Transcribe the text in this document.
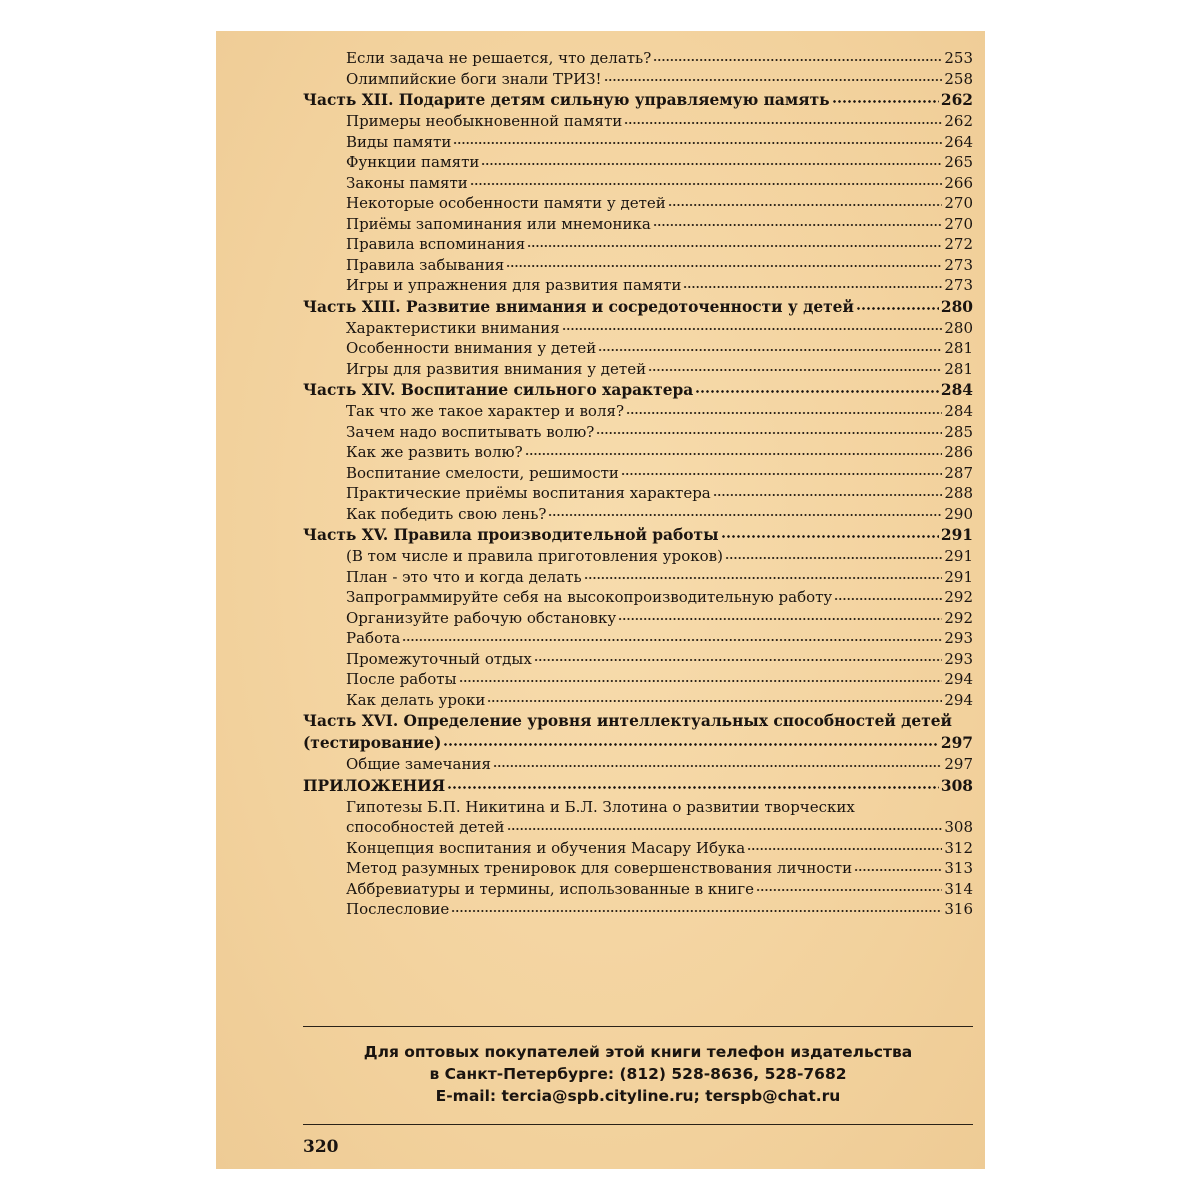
Если задача не решается, что делать?	253
Олимпийские боги знали ТРИЗ!	258
Часть XII. Подарите детям сильную управляемую память	262
Примеры необыкновенной памяти	262
Виды памяти	264
Функции памяти	265
Законы памяти	266
Некоторые особенности памяти у детей	270
Приёмы запоминания или мнемоника	270
Правила вспоминания	272
Правила забывания	273
Игры и упражнения для развития памяти	273
Часть XIII. Развитие внимания и сосредоточенности у детей	280
Характеристики внимания	280
Особенности внимания у детей	281
Игры для развития внимания у детей	281
Часть XIV. Воспитание сильного характера	284
Так что же такое характер и воля?	284
Зачем надо воспитывать волю?	285
Как же развить волю?	286
Воспитание смелости, решимости	287
Практические приёмы воспитания характера	288
Как победить свою лень?	290
Часть XV. Правила производительной работы	291
(В том числе и правила приготовления уроков)	291
План - это что и когда делать	291
Запрограммируйте себя на высокопроизводительную работу	292
Организуйте рабочую обстановку	292
Работа	293
Промежуточный отдых	293
После работы	294
Как делать уроки	294
Часть XVI. Определение уровня интеллектуальных способностей детей
(тестирование)	297
Общие замечания	297
ПРИЛОЖЕНИЯ	308
Гипотезы Б.П. Никитина и Б.Л. Злотина о развитии творческих
способностей детей	308
Концепция воспитания и обучения Масару Ибука	312
Метод разумных тренировок для совершенствования личности	313
Аббревиатуры и термины, использованные в книге	314
Послесловие	316
Для оптовых покупателей этой книги телефон издательства
в Санкт-Петербурге: (812) 528-8636, 528-7682
E-mail: tercia@spb.cityline.ru; terspb@chat.ru
320
